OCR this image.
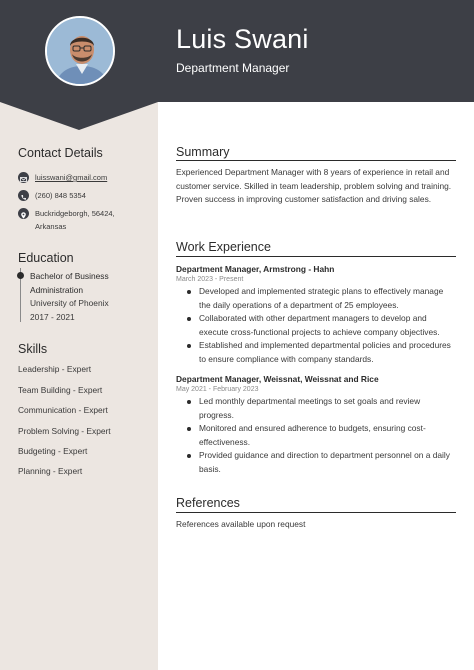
Luis Swani
Department Manager
Contact Details
luisswani@gmail.com
(260) 848 5354
Buckridgeborgh, 56424,
Arkansas
Education
Bachelor of Business
Administration
University of Phoenix
2017 - 2021
Skills
Leadership - Expert
Team Building - Expert
Communication - Expert
Problem Solving - Expert
Budgeting - Expert
Planning - Expert
Summary
Experienced Department Manager with 8 years of experience in retail and customer service. Skilled in team leadership, problem solving and training. Proven success in improving customer satisfaction and driving sales.
Work Experience
Department Manager, Armstrong - Hahn
March 2023 - Present
Developed and implemented strategic plans to effectively manage the daily operations of a department of 25 employees.
Collaborated with other department managers to develop and execute cross-functional projects to achieve company objectives.
Established and implemented departmental policies and procedures to ensure compliance with company standards.
Department Manager, Weissnat, Weissnat and Rice
May 2021 - February 2023
Led monthly departmental meetings to set goals and review progress.
Monitored and ensured adherence to budgets, ensuring cost-effectiveness.
Provided guidance and direction to department personnel on a daily basis.
References
References available upon request
